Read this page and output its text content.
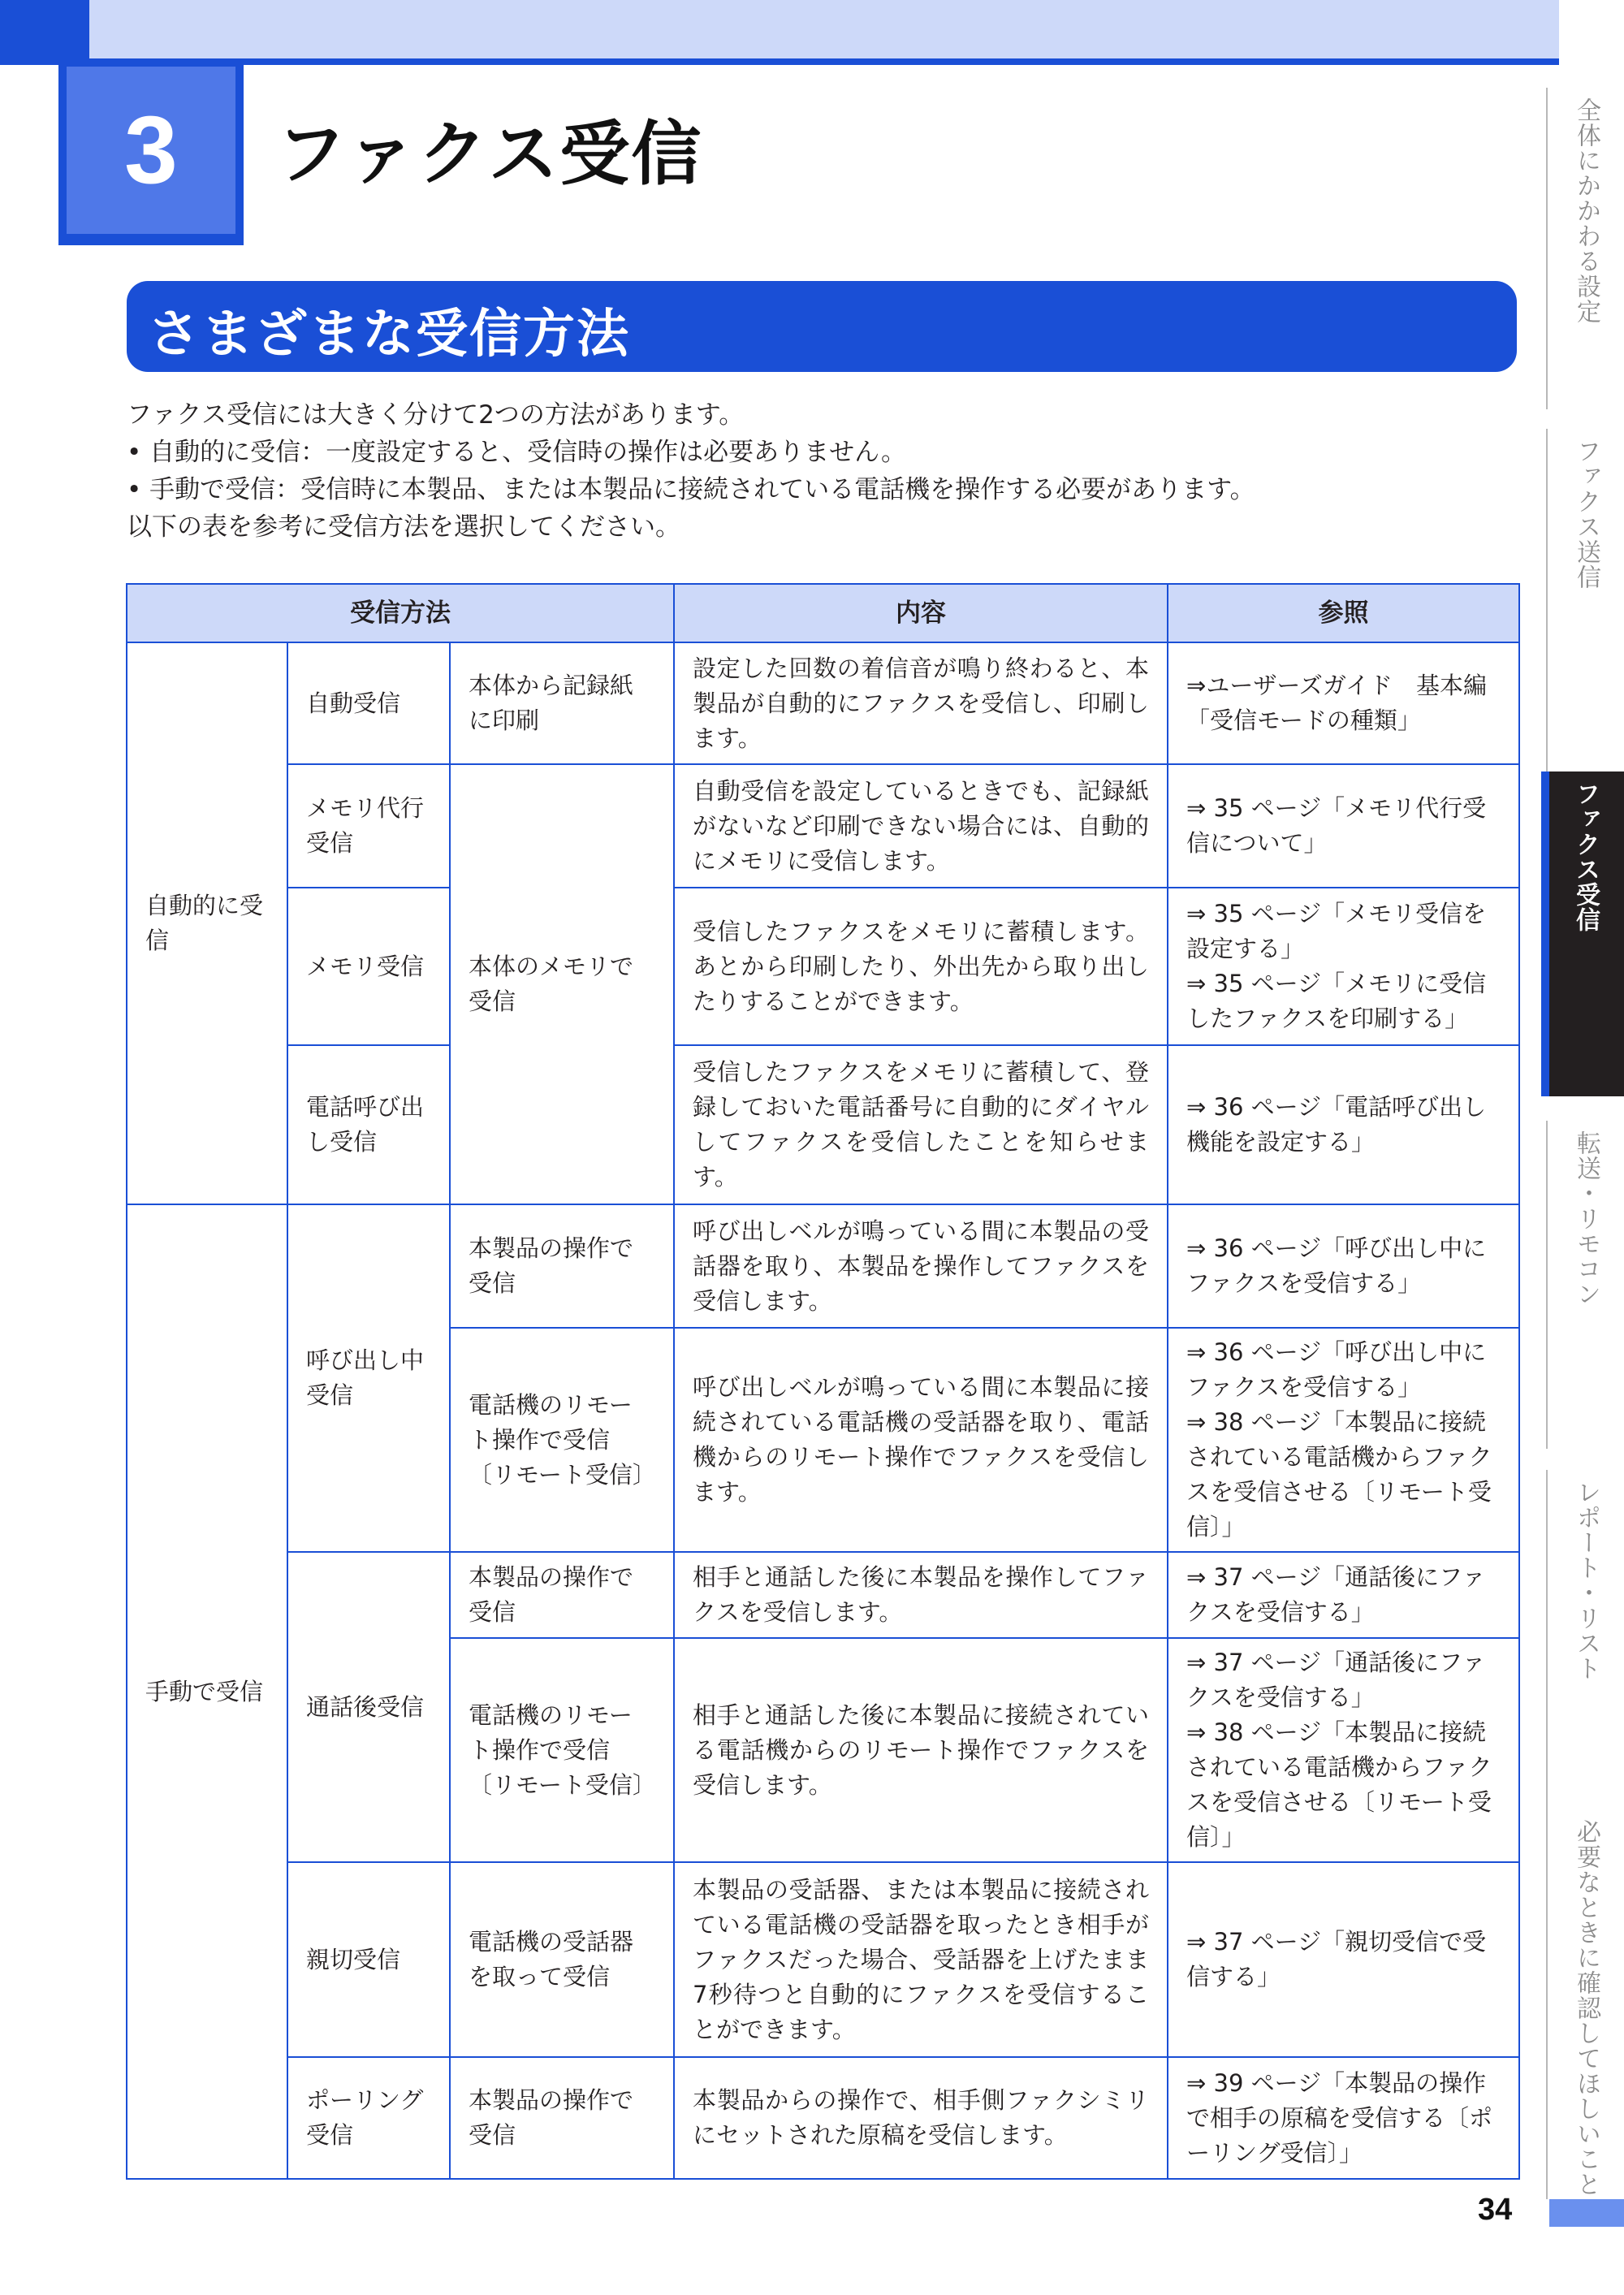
3 ファクス受信
さまざまな受信方法
ファクス受信には大きく分けて2つの方法があります。
• 自動的に受信：一度設定すると、受信時の操作は必要ありません。
• 手動で受信：受信時に本製品、または本製品に接続されている電話機を操作する必要があります。
以下の表を参考に受信方法を選択してください。
受信方法			内容	参照
自動的に受信	自動受信	本体から記録紙に印刷	設定した回数の着信音が鳴り終わると、本製品が自動的にファクスを受信し、印刷します。	⇒ユーザーズガイド　基本編「受信モードの種類」
	メモリ代行受信	本体のメモリで受信	自動受信を設定しているときでも、記録紙がないなど印刷できない場合には、自動的にメモリに受信します。	⇒ 35 ページ「メモリ代行受信について」
	メモリ受信		受信したファクスをメモリに蓄積します。あとから印刷したり、外出先から取り出したりすることができます。	⇒ 35 ページ「メモリ受信を設定する」
⇒ 35 ページ「メモリに受信したファクスを印刷する」
	電話呼び出し受信		受信したファクスをメモリに蓄積して、登録しておいた電話番号に自動的にダイヤルしてファクスを受信したことを知らせます。	⇒ 36 ページ「電話呼び出し機能を設定する」
手動で受信	呼び出し中受信	本製品の操作で受信	呼び出しベルが鳴っている間に本製品の受話器を取り、本製品を操作してファクスを受信します。	⇒ 36 ページ「呼び出し中にファクスを受信する」
		電話機のリモート操作で受信〔リモート受信〕	呼び出しベルが鳴っている間に本製品に接続されている電話機の受話器を取り、電話機からのリモート操作でファクスを受信します。	⇒ 36 ページ「呼び出し中にファクスを受信する」
⇒ 38 ページ「本製品に接続されている電話機からファクスを受信させる〔リモート受信〕」
	通話後受信	本製品の操作で受信	相手と通話した後に本製品を操作してファクスを受信します。	⇒ 37 ページ「通話後にファクスを受信する」
		電話機のリモート操作で受信〔リモート受信〕	相手と通話した後に本製品に接続されている電話機からのリモート操作でファクスを受信します。	⇒ 37 ページ「通話後にファクスを受信する」
⇒ 38 ページ「本製品に接続されている電話機からファクスを受信させる〔リモート受信〕」
	親切受信	電話機の受話器を取って受信	本製品の受話器、または本製品に接続されている電話機の受話器を取ったとき相手がファクスだった場合、受話器を上げたまま7秒待つと自動的にファクスを受信することができます。	⇒ 37 ページ「親切受信で受信する」
	ポーリング受信	本製品の操作で受信	本製品からの操作で、相手側ファクシミリにセットされた原稿を受信します。	⇒ 39 ページ「本製品の操作で相手の原稿を受信する〔ポーリング受信〕」
全体にかかわる設定
ファクス送信
ファクス受信
転送・リモコン
レポート・リスト
必要なときに確認してほしいこと
34
